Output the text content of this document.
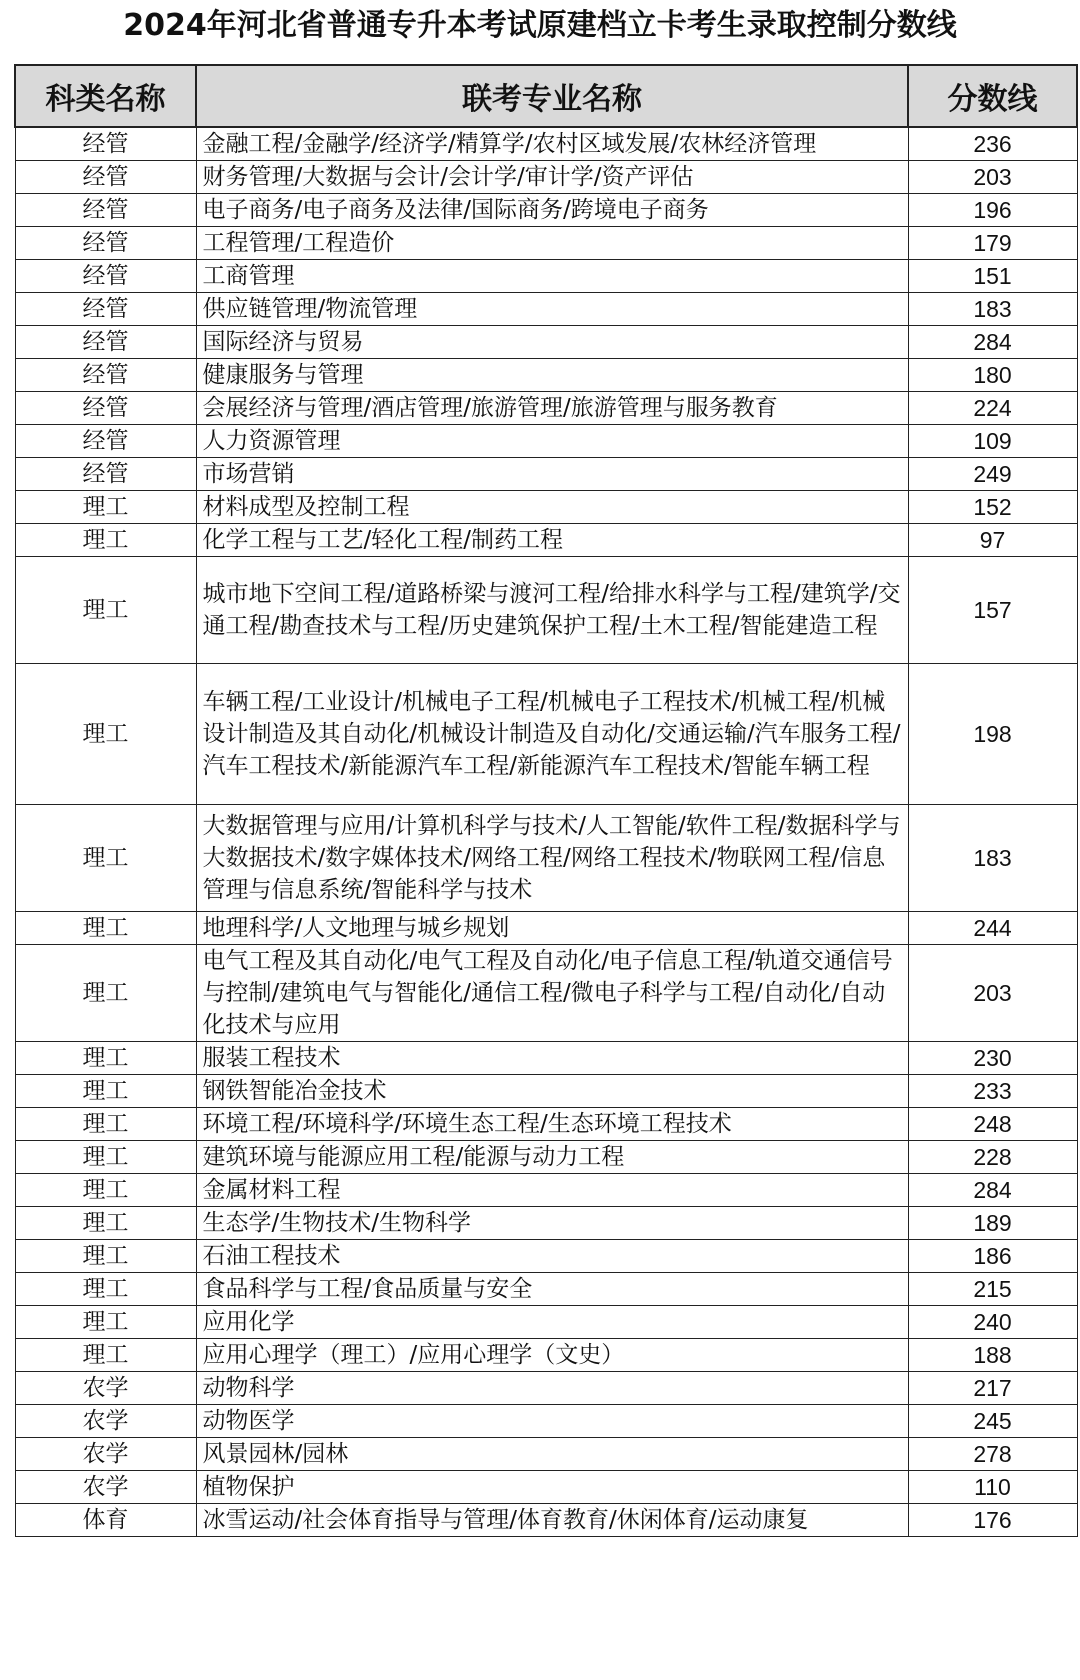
2024年河北省普通专升本考试原建档立卡考生录取控制分数线
科类名称	联考专业名称	分数线
经管	金融工程/金融学/经济学/精算学/农村区域发展/农林经济管理	236
经管	财务管理/大数据与会计/会计学/审计学/资产评估	203
经管	电子商务/电子商务及法律/国际商务/跨境电子商务	196
经管	工程管理/工程造价	179
经管	工商管理	151
经管	供应链管理/物流管理	183
经管	国际经济与贸易	284
经管	健康服务与管理	180
经管	会展经济与管理/酒店管理/旅游管理/旅游管理与服务教育	224
经管	人力资源管理	109
经管	市场营销	249
理工	材料成型及控制工程	152
理工	化学工程与工艺/轻化工程/制药工程	97
理工	城市地下空间工程/道路桥梁与渡河工程/给排水科学与工程/建筑学/交通工程/勘查技术与工程/历史建筑保护工程/土木工程/智能建造工程	157
理工	车辆工程/工业设计/机械电子工程/机械电子工程技术/机械工程/机械设计制造及其自动化/机械设计制造及自动化/交通运输/汽车服务工程/汽车工程技术/新能源汽车工程/新能源汽车工程技术/智能车辆工程	198
理工	大数据管理与应用/计算机科学与技术/人工智能/软件工程/数据科学与大数据技术/数字媒体技术/网络工程/网络工程技术/物联网工程/信息管理与信息系统/智能科学与技术	183
理工	地理科学/人文地理与城乡规划	244
理工	电气工程及其自动化/电气工程及自动化/电子信息工程/轨道交通信号与控制/建筑电气与智能化/通信工程/微电子科学与工程/自动化/自动化技术与应用	203
理工	服装工程技术	230
理工	钢铁智能冶金技术	233
理工	环境工程/环境科学/环境生态工程/生态环境工程技术	248
理工	建筑环境与能源应用工程/能源与动力工程	228
理工	金属材料工程	284
理工	生态学/生物技术/生物科学	189
理工	石油工程技术	186
理工	食品科学与工程/食品质量与安全	215
理工	应用化学	240
理工	应用心理学（理工）/应用心理学（文史）	188
农学	动物科学	217
农学	动物医学	245
农学	风景园林/园林	278
农学	植物保护	110
体育	冰雪运动/社会体育指导与管理/体育教育/休闲体育/运动康复	176
